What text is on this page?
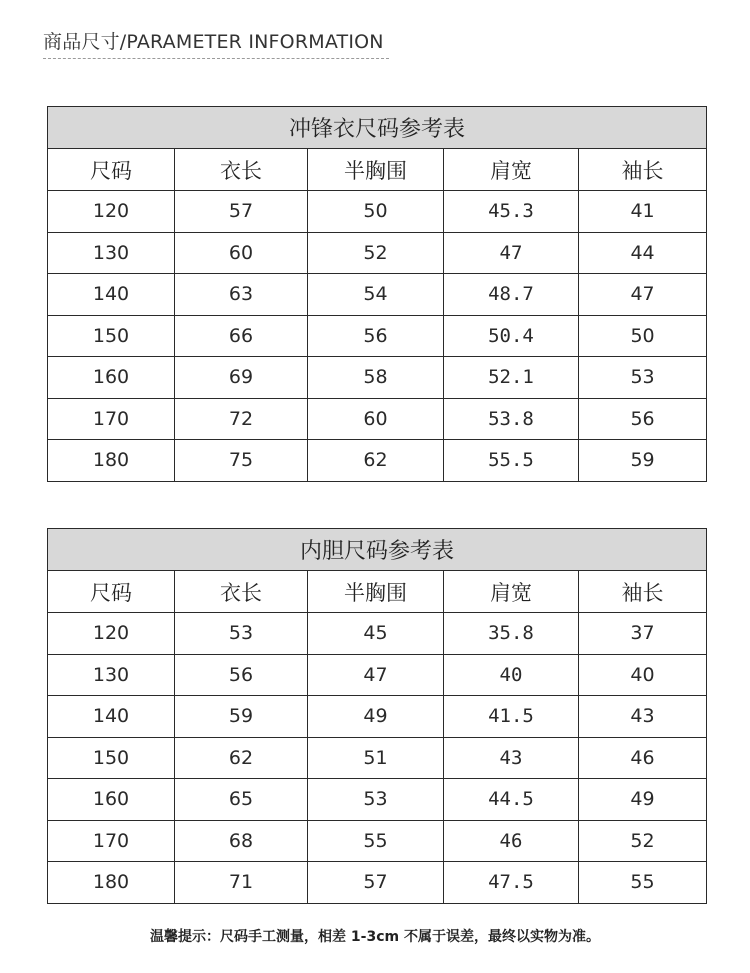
商品尺寸/PARAMETER INFORMATION
冲锋衣尺码参考表				
尺码	衣长	半胸围	肩宽	袖长
120	57	50	45.3	41
130	60	52	47	44
140	63	54	48.7	47
150	66	56	50.4	50
160	69	58	52.1	53
170	72	60	53.8	56
180	75	62	55.5	59
内胆尺码参考表				
尺码	衣长	半胸围	肩宽	袖长
120	53	45	35.8	37
130	56	47	40	40
140	59	49	41.5	43
150	62	51	43	46
160	65	53	44.5	49
170	68	55	46	52
180	71	57	47.5	55
温馨提示：尺码手工测量，相差 1-3cm 不属于误差，最终以实物为准。
